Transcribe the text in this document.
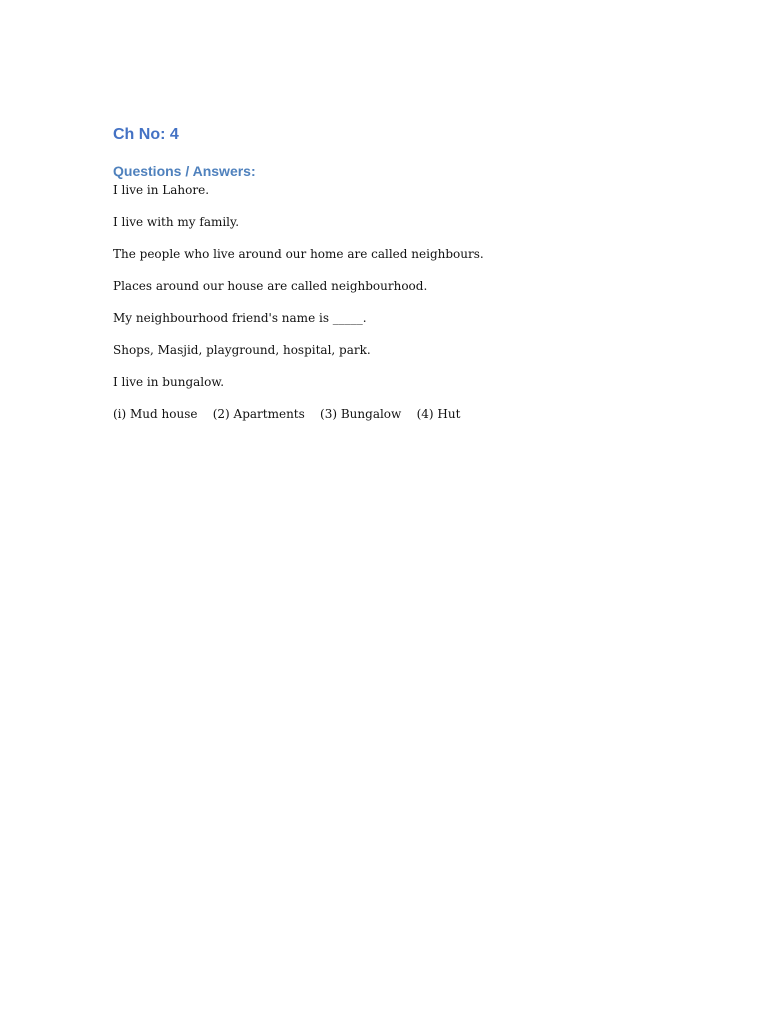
Ch No: 4
Questions / Answers:

I live in Lahore.

I live with my family.

The people who live around our home are called neighbours.

Places around our house are called neighbourhood.

My neighbourhood friend's name is _____.

Shops, Masjid, playground, hospital, park.

I live in bungalow.

(i) Mud house    (2) Apartments    (3) Bungalow    (4) Hut
